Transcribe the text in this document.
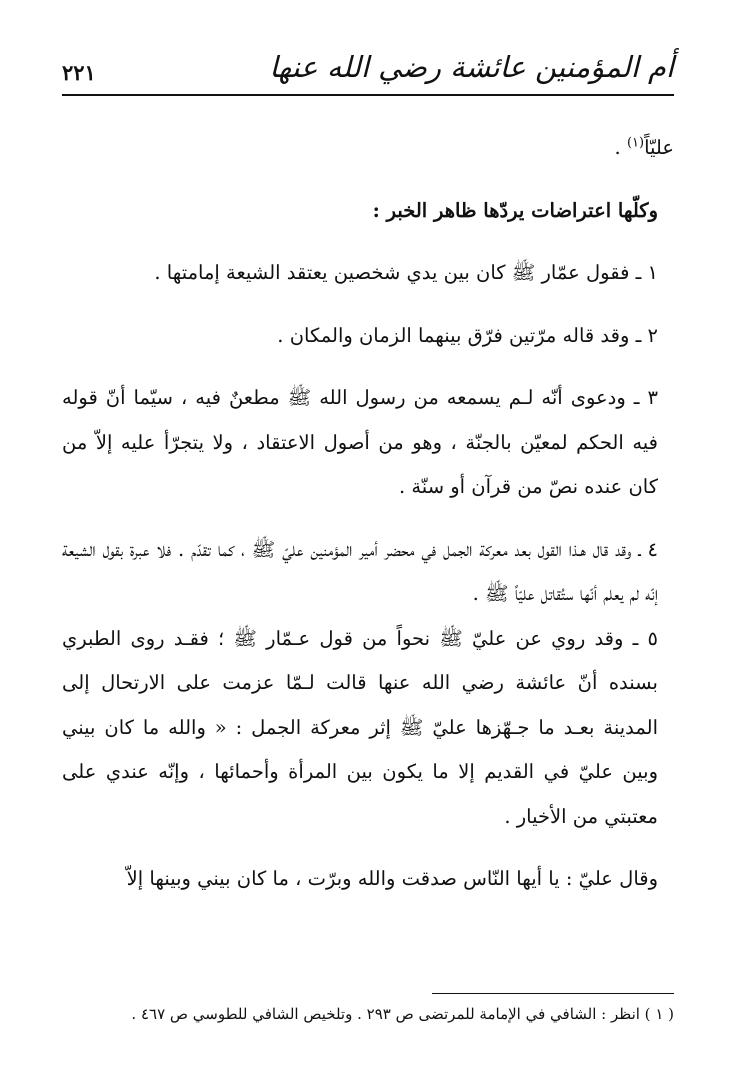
٢٢١	أم المؤمنين عائشة رضي الله عنها

عليّاً$^{(١)}$ .

وكلّها اعتراضات يردّها ظاهر الخبر :

١ ـ فقول عمّار ﷺ كان بين يدي شخصين يعتقد الشيعة إمامتها .

٢ ـ وقد قاله مرّتين فرّق بينهما الزمان والمكان .

٣ ـ ودعوى أنّه لـم يسمعه من رسول الله ﷺ مطعنٌ فيه ، سيّما أنّ قوله فيه الحكم لمعيّن بالجنّة ، وهو من أصول الاعتقاد ، ولا يتجرّأ عليه إلاّ من كان عنده نصّ من قرآن أو سنّة .

٤ ـ وقد قال هـذا القول بعد معركة الجمل في محضر أمير المؤمنين عليّ ﷺ ، كما تقدّم . فلا عبرة بقول الشيعة إنّه لم يعلم أنّها ستُقاتل عليّاً ﷺ .

٥ ـ وقد روي عن عليّ ﷺ نحواً من قول عـمّار ﷺ ؛ فقـد روى الطبري بسنده أنّ عائشة رضي الله عنها قالت لـمّا عزمت على الارتحال إلى المدينة بعـد ما جـهّزها عليّ ﷺ إثر معركة الجمل : « والله ما كان بيني وبين عليّ في القديم إلا ما يكون بين المرأة وأحمائها ، وإنّه عندي على معتبتي من الأخيار .

وقال عليّ : يا أيها النّاس صدقت والله وبرّت ، ما كان بيني وبينها إلاّ

( ١ ) انظر : الشافي في الإمامة للمرتضى ص ٢٩٣ . وتلخيص الشافي للطوسي ص ٤٦٧ .
